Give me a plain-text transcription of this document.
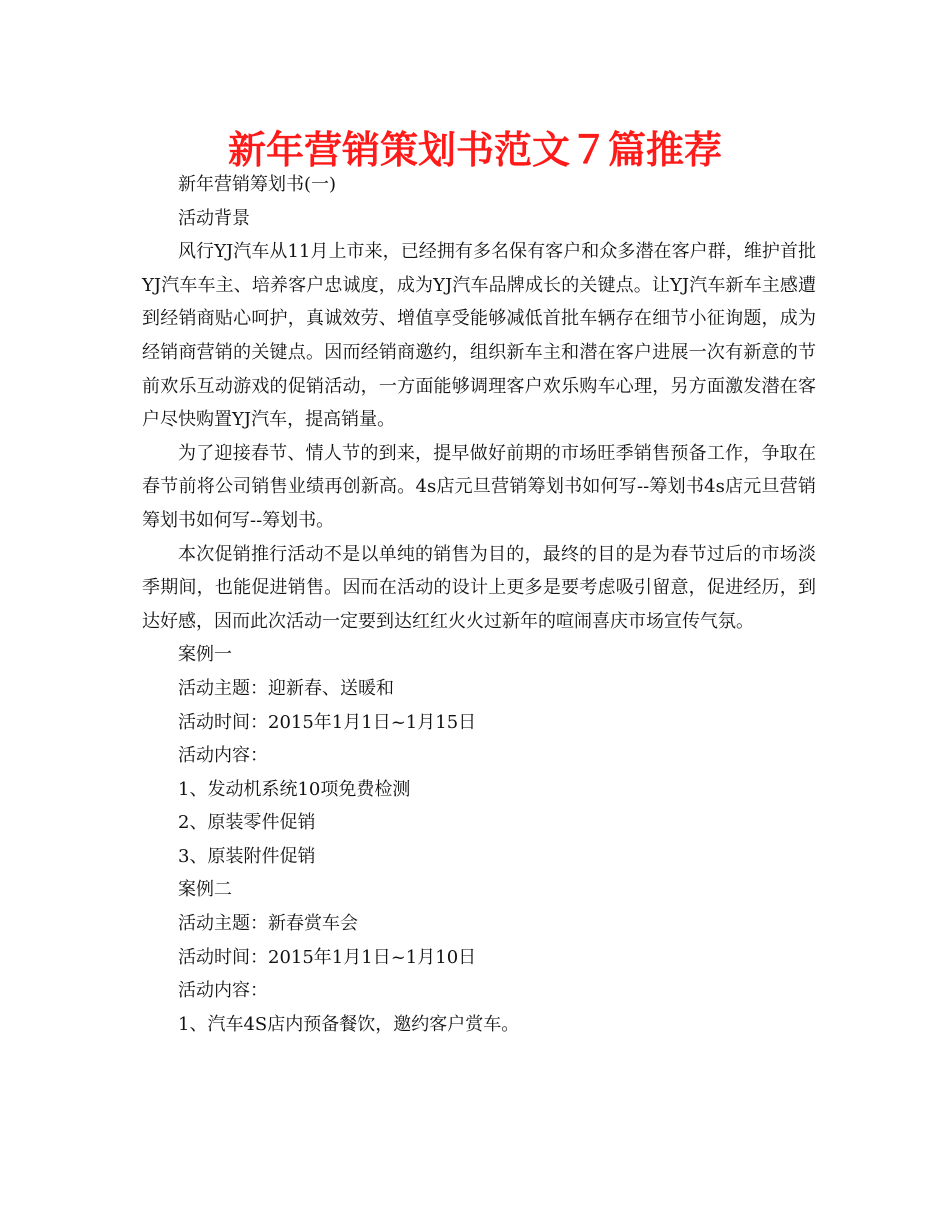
新年营销策划书范文７篇推荐

新年营销筹划书(一)

活动背景

风行YJ汽车从11月上市来，已经拥有多名保有客户和众多潜在客户群，维护首批YJ汽车车主、培养客户忠诚度，成为YJ汽车品牌成长的关键点。让YJ汽车新车主感遭到经销商贴心呵护，真诚效劳、增值享受能够减低首批车辆存在细节小征询题，成为经销商营销的关键点。因而经销商邀约，组织新车主和潜在客户进展一次有新意的节前欢乐互动游戏的促销活动，一方面能够调理客户欢乐购车心理，另方面激发潜在客户尽快购置YJ汽车，提高销量。

为了迎接春节、情人节的到来，提早做好前期的市场旺季销售预备工作，争取在春节前将公司销售业绩再创新高。4s店元旦营销筹划书如何写--筹划书4s店元旦营销筹划书如何写--筹划书。

本次促销推行活动不是以单纯的销售为目的，最终的目的是为春节过后的市场淡季期间，也能促进销售。因而在活动的设计上更多是要考虑吸引留意，促进经历，到达好感，因而此次活动一定要到达红红火火过新年的喧闹喜庆市场宣传气氛。

案例一

活动主题：迎新春、送暖和

活动时间：2015年1月1日~1月15日

活动内容：

1、发动机系统10项免费检测

2、原装零件促销

3、原装附件促销

案例二

活动主题：新春赏车会

活动时间：2015年1月1日~1月10日

活动内容：

1、汽车4S店内预备餐饮，邀约客户赏车。
